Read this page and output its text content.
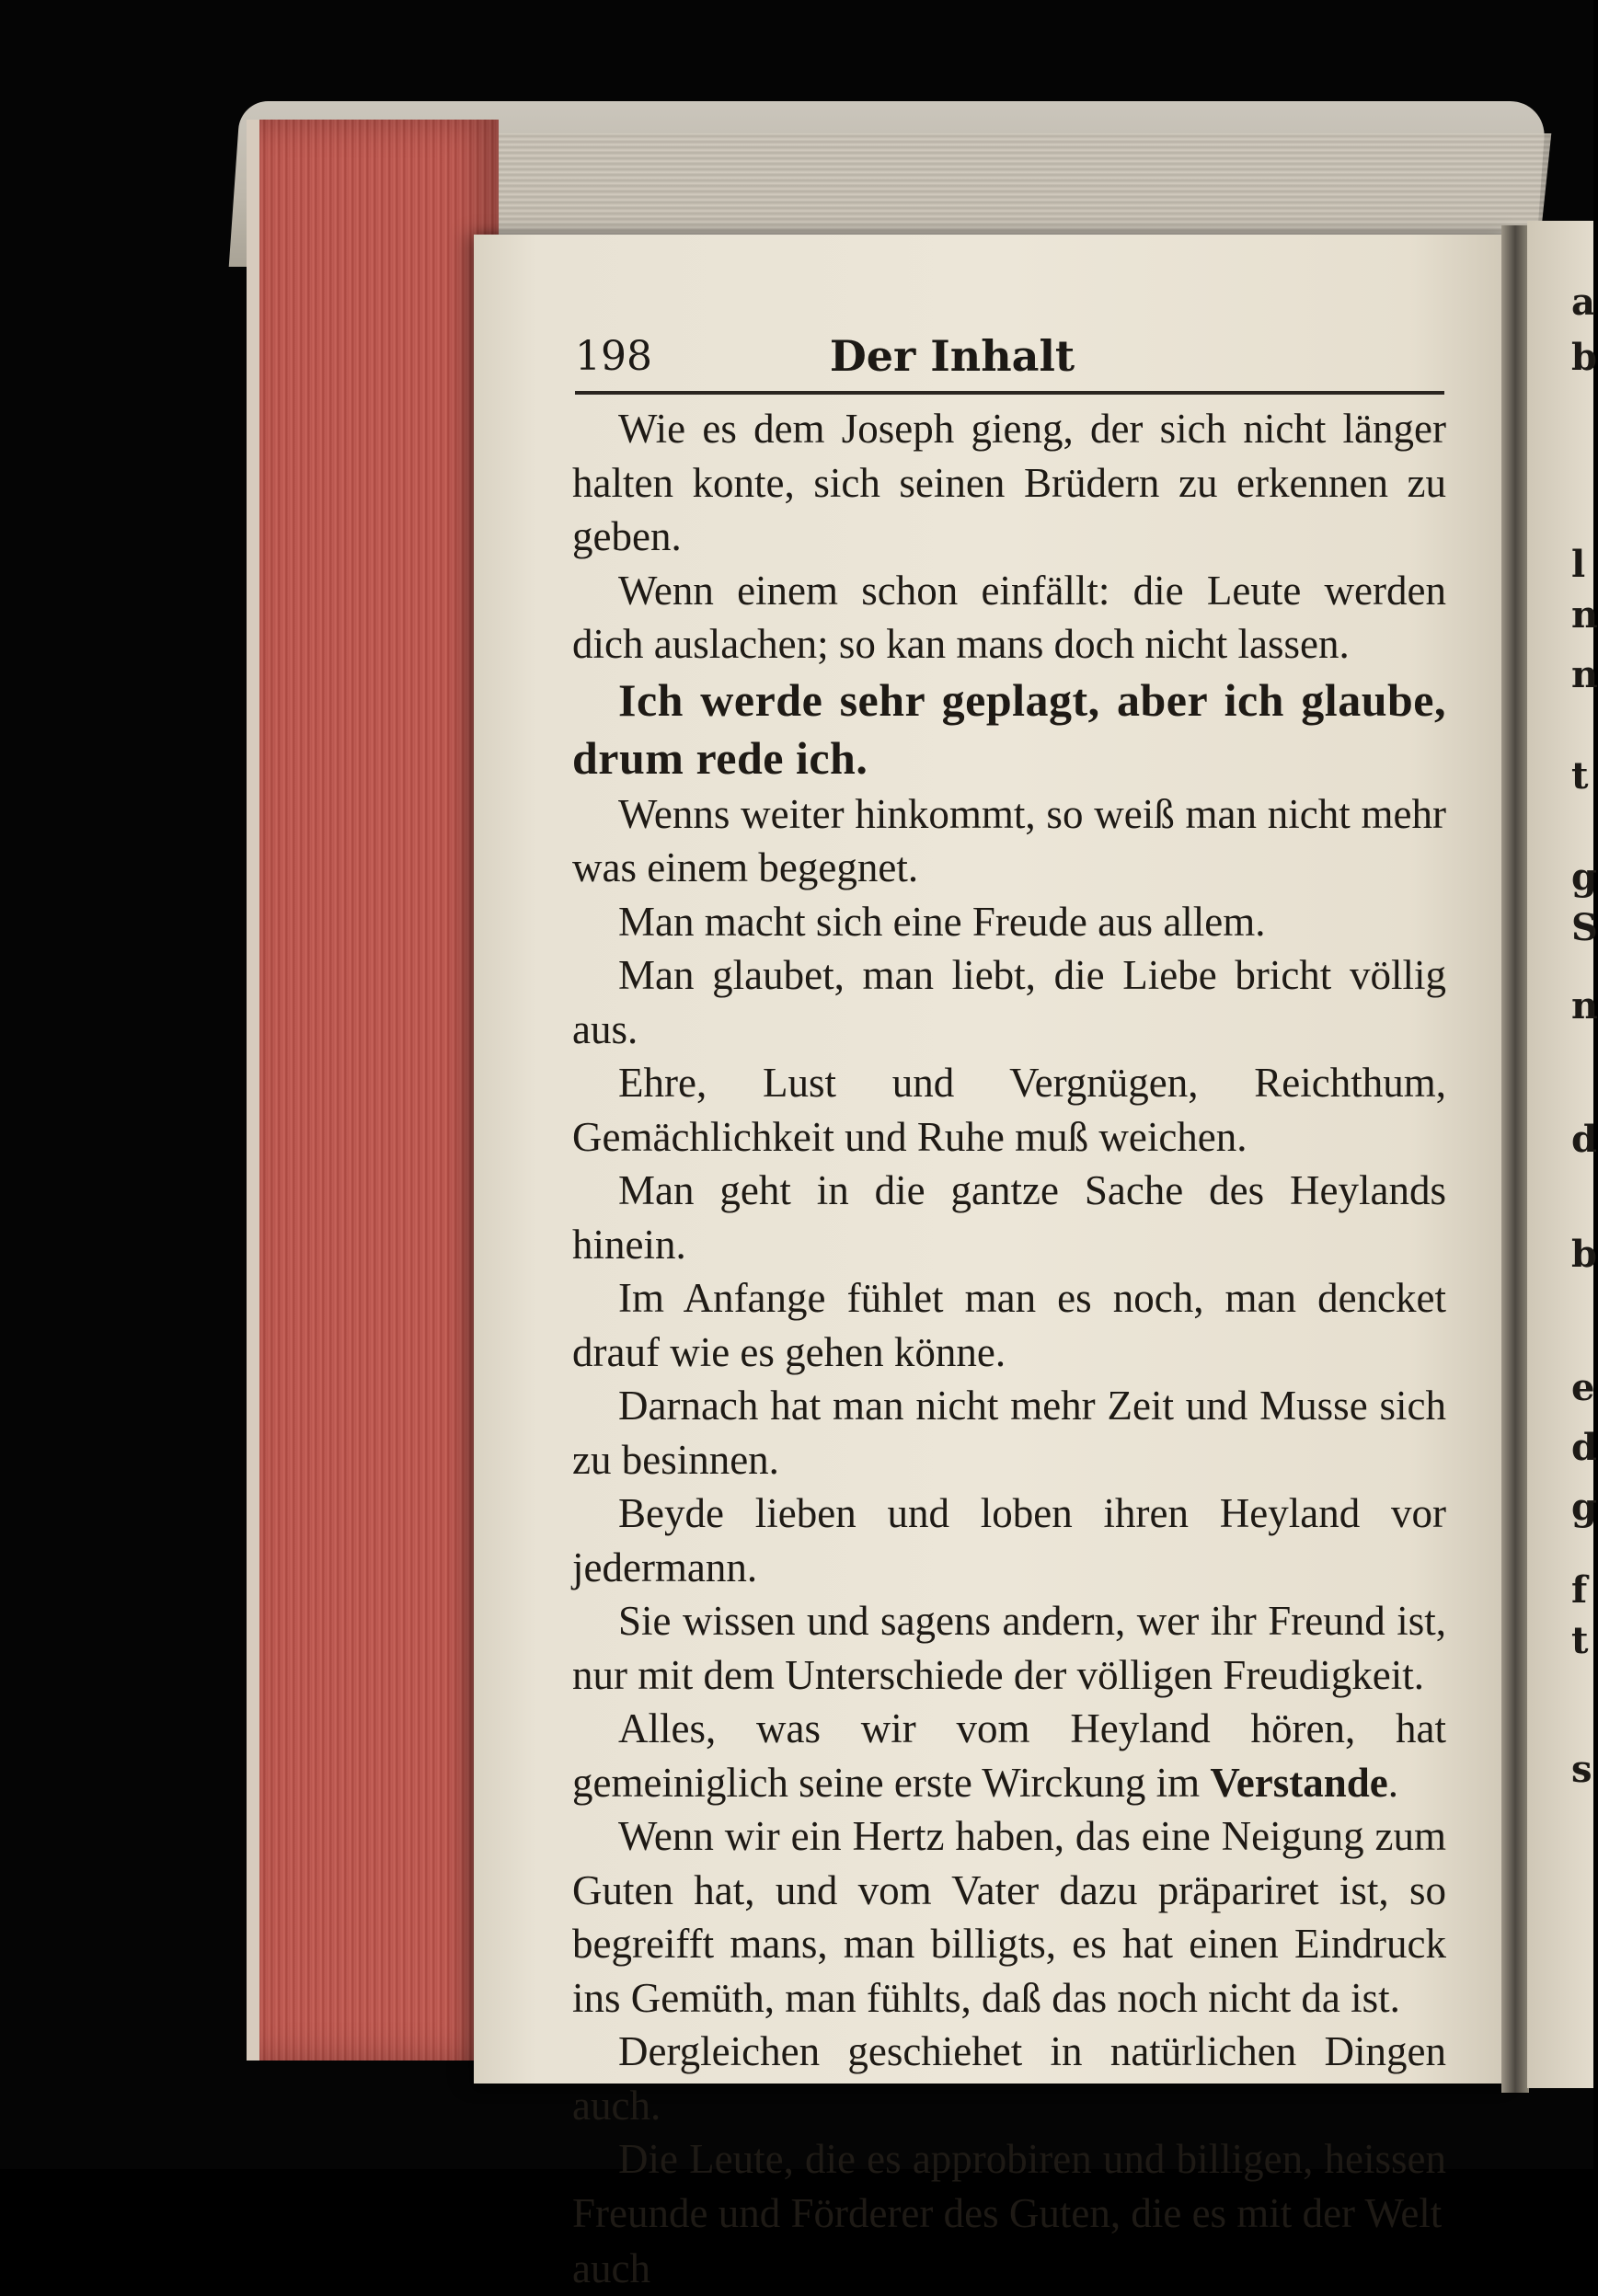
a
b
l
n
n
t
g
S
n
d
b
e
d
g
f
t
s
198	Der Inhalt

Wie es dem Joseph gieng, der sich nicht länger halten konte, sich seinen Brüdern zu erkennen zu geben.

Wenn einem schon einfällt: die Leute werden dich auslachen; so kan mans doch nicht lassen.

Ich werde sehr geplagt, aber ich glaube, drum rede ich.

Wenns weiter hinkommt, so weiß man nicht mehr was einem begegnet.

Man macht sich eine Freude aus allem.

Man glaubet, man liebt, die Liebe bricht völlig aus.

Ehre, Lust und Vergnügen, Reichthum, Gemächlichkeit und Ruhe muß weichen.

Man geht in die gantze Sache des Heylands hinein.

Im Anfange fühlet man es noch, man dencket drauf wie es gehen könne.

Darnach hat man nicht mehr Zeit und Musse sich zu besinnen.

Beyde lieben und loben ihren Heyland vor jedermann.

Sie wissen und sagens andern, wer ihr Freund ist, nur mit dem Unterschiede der völligen Freudigkeit.

Alles, was wir vom Heyland hören, hat gemeiniglich seine erste Wirckung im Verstande.

Wenn wir ein Hertz haben, das eine Neigung zum Guten hat, und vom Vater dazu präpariret ist, so begreifft mans, man billigts, es hat einen Eindruck ins Gemüth, man fühlts, daß das noch nicht da ist.

Dergleichen geschiehet in natürlichen Dingen auch.

Die Leute, die es approbiren und billigen, heissen Freunde und Förderer des Guten, die es mit der Welt

auch
